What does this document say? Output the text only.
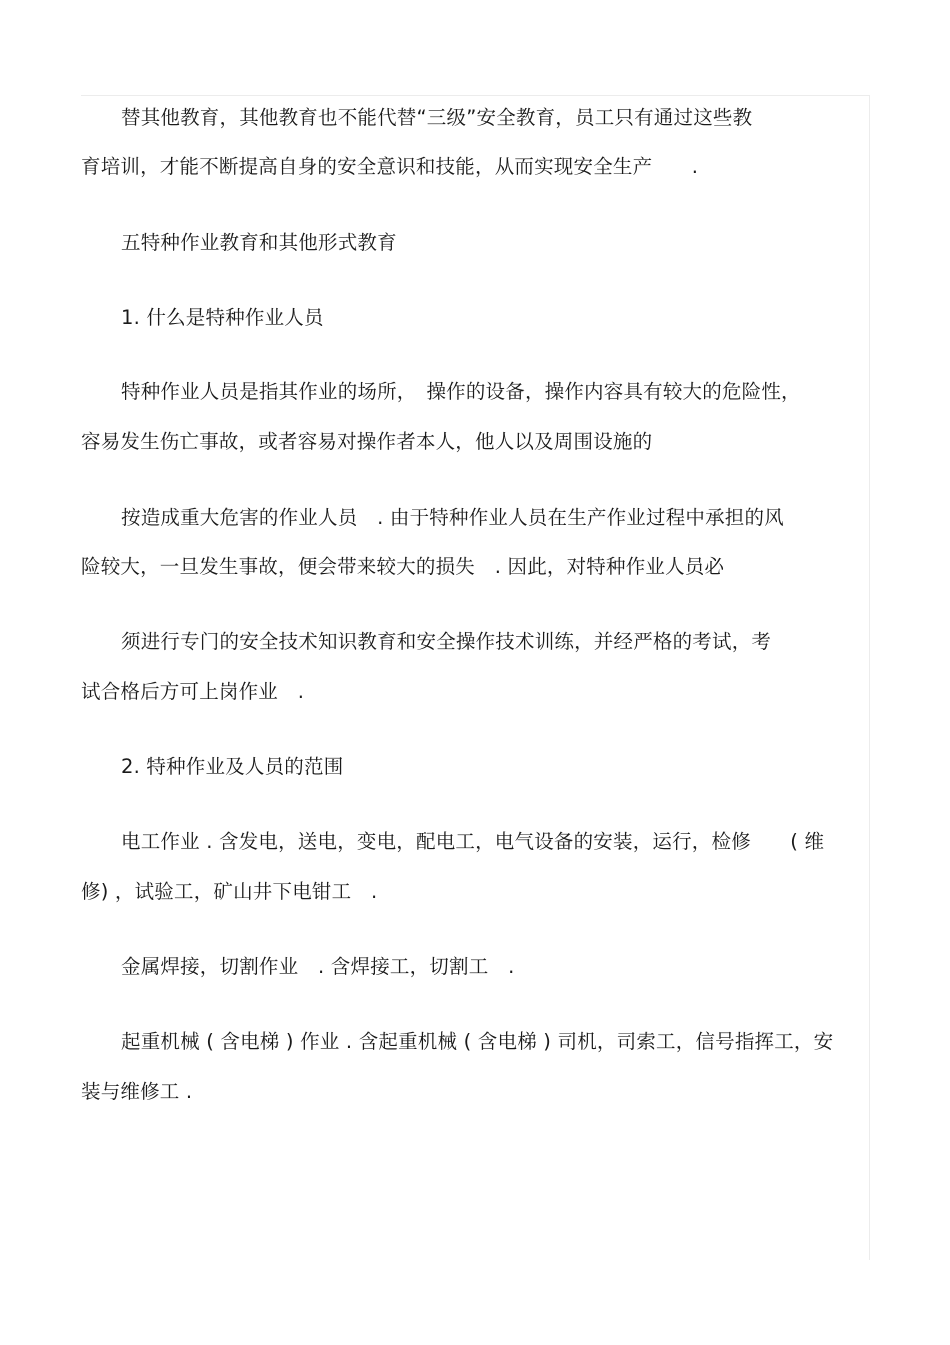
替其他教育，其他教育也不能代替“三级”安全教育，员工只有通过这些教
育培训，才能不断提高自身的安全意识和技能，从而实现安全生产　　.
五特种作业教育和其他形式教育
1. 什么是特种作业人员
特种作业人员是指其作业的场所，　操作的设备，操作内容具有较大的危险性，
容易发生伤亡事故，或者容易对操作者本人，他人以及周围设施的
按造成重大危害的作业人员　. 由于特种作业人员在生产作业过程中承担的风
险较大，一旦发生事故，便会带来较大的损失　. 因此，对特种作业人员必
须进行专门的安全技术知识教育和安全操作技术训练，并经严格的考试，考
试合格后方可上岗作业　.
2. 特种作业及人员的范围
电工作业 . 含发电，送电，变电，配电工，电气设备的安装，运行，检修　　( 维
修) ，试验工，矿山井下电钳工　.
金属焊接，切割作业　. 含焊接工，切割工　.
起重机械 ( 含电梯 ) 作业 . 含起重机械 ( 含电梯 ) 司机，司索工，信号指挥工，安
装与维修工 .
